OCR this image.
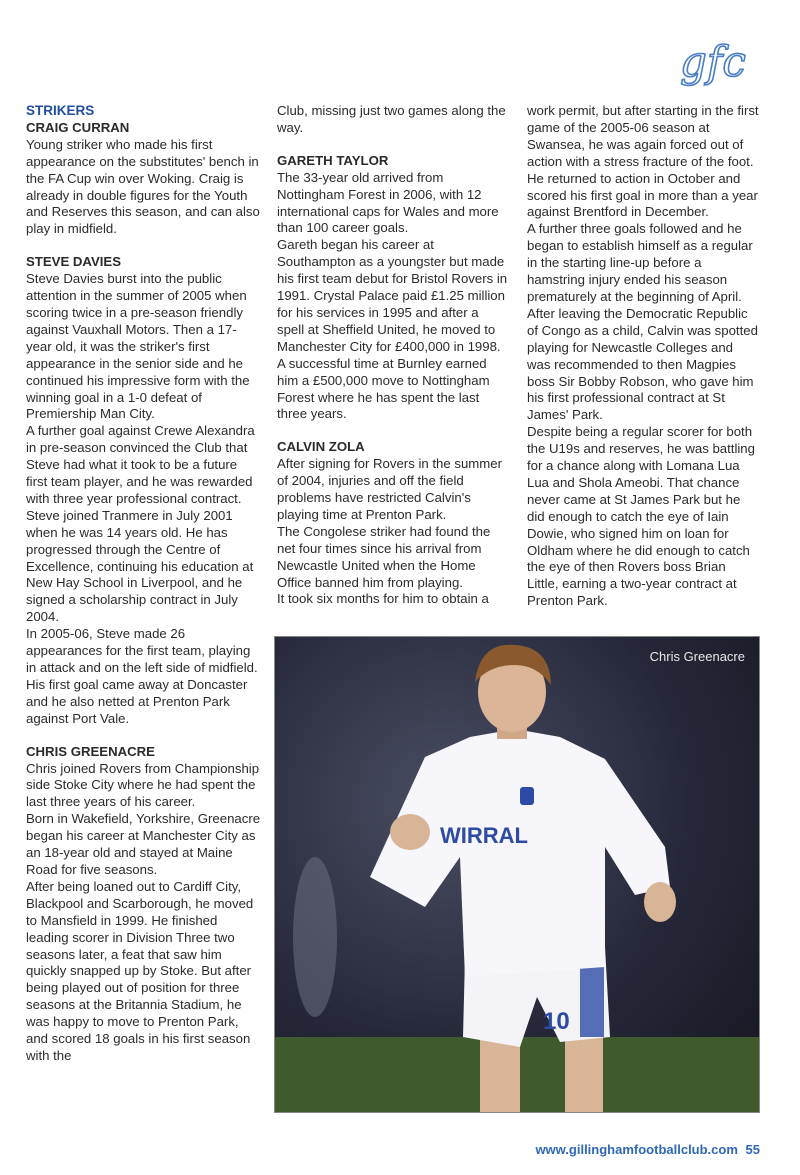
gfc

STRIKERS

CRAIG CURRAN

Young striker who made his first appearance on the substitutes' bench in the FA Cup win over Woking. Craig is already in double figures for the Youth and Reserves this season, and can also play in midfield.

STEVE DAVIES

Steve Davies burst into the public attention in the summer of 2005 when scoring twice in a pre-season friendly against Vauxhall Motors. Then a 17-year old, it was the striker's first appearance in the senior side and he continued his impressive form with the winning goal in a 1-0 defeat of Premiership Man City.

A further goal against Crewe Alexandra in pre-season convinced the Club that Steve had what it took to be a future first team player, and he was rewarded with three year professional contract.

Steve joined Tranmere in July 2001 when he was 14 years old. He has progressed through the Centre of Excellence, continuing his education at New Hay School in Liverpool, and he signed a scholarship contract in July 2004.

In 2005-06, Steve made 26 appearances for the first team, playing in attack and on the left side of midfield. His first goal came away at Doncaster and he also netted at Prenton Park against Port Vale.

CHRIS GREENACRE

Chris joined Rovers from Championship side Stoke City where he had spent the last three years of his career.

Born in Wakefield, Yorkshire, Greenacre began his career at Manchester City as an 18-year old and stayed at Maine Road for five seasons.

After being loaned out to Cardiff City, Blackpool and Scarborough, he moved to Mansfield in 1999. He finished leading scorer in Division Three two seasons later, a feat that saw him quickly snapped up by Stoke. But after being played out of position for three seasons at the Britannia Stadium, he was happy to move to Prenton Park, and scored 18 goals in his first season with the

Club, missing just two games along the way.

GARETH TAYLOR

The 33-year old arrived from Nottingham Forest in 2006, with 12 international caps for Wales and more than 100 career goals.

Gareth began his career at Southampton as a youngster but made his first team debut for Bristol Rovers in 1991. Crystal Palace paid £1.25 million for his services in 1995 and after a spell at Sheffield United, he moved to Manchester City for £400,000 in 1998.

A successful time at Burnley earned him a £500,000 move to Nottingham Forest where he has spent the last three years.

CALVIN ZOLA

After signing for Rovers in the summer of 2004, injuries and off the field problems have restricted Calvin's playing time at Prenton Park.

The Congolese striker had found the net four times since his arrival from Newcastle United when the Home Office banned him from playing.

It took six months for him to obtain a

work permit, but after starting in the first game of the 2005-06 season at Swansea, he was again forced out of action with a stress fracture of the foot.

He returned to action in October and scored his first goal in more than a year against Brentford in December.

A further three goals followed and he began to establish himself as a regular in the starting line-up before a hamstring injury ended his season prematurely at the beginning of April.

After leaving the Democratic Republic of Congo as a child, Calvin was spotted playing for Newcastle Colleges and was recommended to then Magpies boss Sir Bobby Robson, who gave him his first professional contract at St James' Park.

Despite being a regular scorer for both the U19s and reserves, he was battling for a chance along with Lomana Lua Lua and Shola Ameobi. That chance never came at St James Park but he did enough to catch the eye of Iain Dowie, who signed him on loan for Oldham where he did enough to catch the eye of then Rovers boss Brian Little, earning a two-year contract at Prenton Park.

WIRRAL
10
Chris Greenacre
www.gillinghamfootballclub.com 55
